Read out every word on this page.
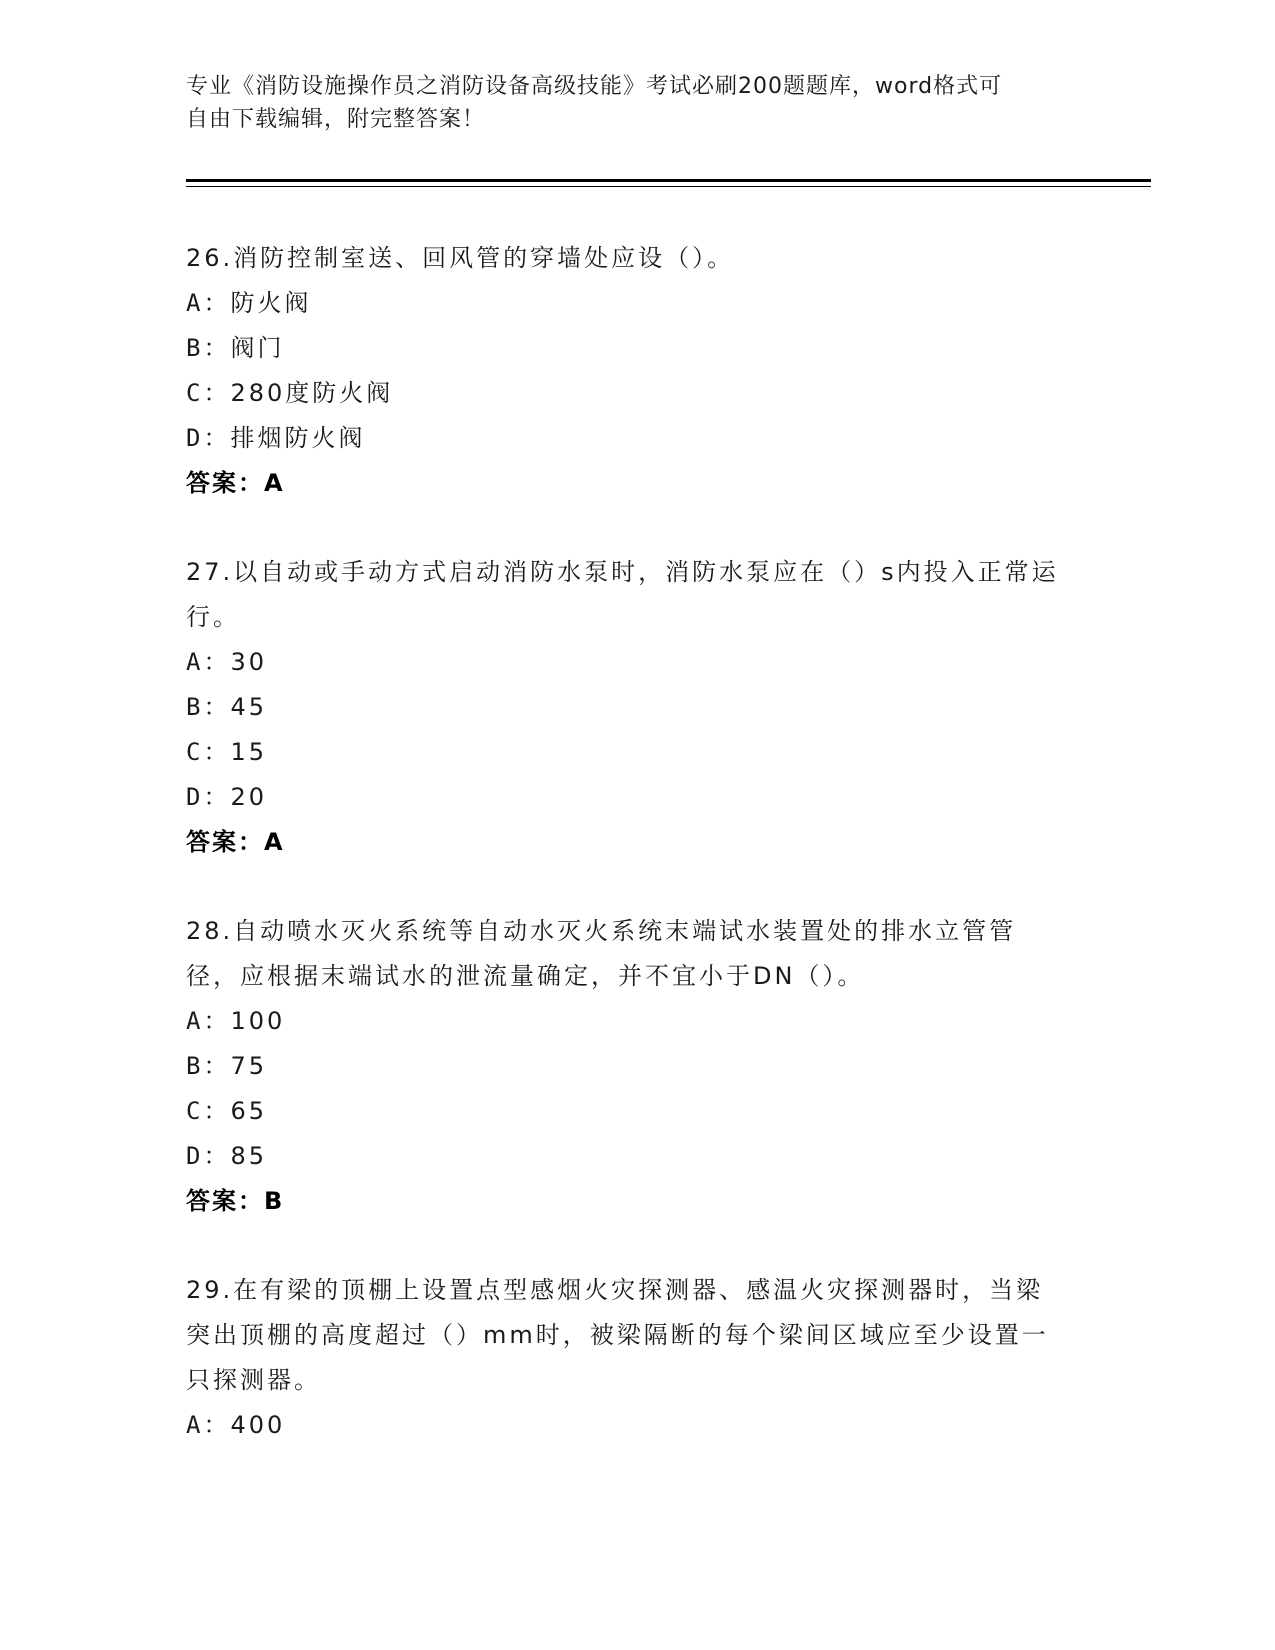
专业《消防设施操作员之消防设备高级技能》考试必刷200题题库，word格式可
自由下载编辑，附完整答案！

26.消防控制室送、回风管的穿墙处应设（）。

A：防火阀

B：阀门

C：280度防火阀

D：排烟防火阀

答案：A

27.以自动或手动方式启动消防水泵时，消防水泵应在（）s内投入正常运行。

A：30

B：45

C：15

D：20

答案：A

28.自动喷水灭火系统等自动水灭火系统末端试水装置处的排水立管管径，应根据末端试水的泄流量确定，并不宜小于DN（）。

A：100

B：75

C：65

D：85

答案：B

29.在有梁的顶棚上设置点型感烟火灾探测器、感温火灾探测器时，当梁突出顶棚的高度超过（）mm时，被梁隔断的每个梁间区域应至少设置一只探测器。

A：400
